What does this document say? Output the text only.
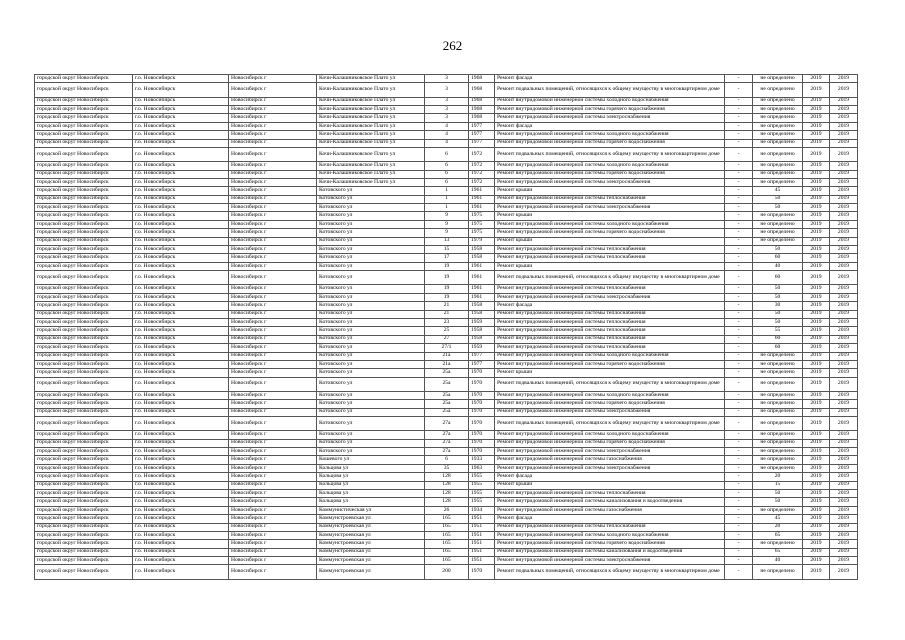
262
городской округ Новосибирск	г.о. Новосибирск	Новосибирск г	Кочи-Калашниковское Плато ул	3	1968	Ремонт фасада	-	не определено	2019	2019
городской округ Новосибирск	г.о. Новосибирск	Новосибирск г	Кочи-Калашниковское Плато ул	3	1968	Ремонт подвальных помещений, относящихся к общему имуществу в многоквартирном доме	-	не определено	2019	2019
городской округ Новосибирск	г.о. Новосибирск	Новосибирск г	Кочи-Калашниковское Плато ул	3	1968	Ремонт внутридомовой инженерной системы холодного водоснабжения	-	не определено	2019	2019
городской округ Новосибирск	г.о. Новосибирск	Новосибирск г	Кочи-Калашниковское Плато ул	3	1968	Ремонт внутридомовой инженерной системы горячего водоснабжения	-	не определено	2019	2019
городской округ Новосибирск	г.о. Новосибирск	Новосибирск г	Кочи-Калашниковское Плато ул	3	1968	Ремонт внутридомовой инженерной системы электроснабжения	-	не определено	2019	2019
городской округ Новосибирск	г.о. Новосибирск	Новосибирск г	Кочи-Калашниковское Плато ул	4	1977	Ремонт фасада	-	не определено	2019	2019
городской округ Новосибирск	г.о. Новосибирск	Новосибирск г	Кочи-Калашниковское Плато ул	4	1977	Ремонт внутридомовой инженерной системы холодного водоснабжения	-	не определено	2019	2019
городской округ Новосибирск	г.о. Новосибирск	Новосибирск г	Кочи-Калашниковское Плато ул	4	1977	Ремонт внутридомовой инженерной системы горячего водоснабжения	-	не определено	2019	2019
городской округ Новосибирск	г.о. Новосибирск	Новосибирск г	Кочи-Калашниковское Плато ул	6	1972	Ремонт подвальных помещений, относящихся к общему имуществу в многоквартирном доме	-	не определено	2019	2019
городской округ Новосибирск	г.о. Новосибирск	Новосибирск г	Кочи-Калашниковское Плато ул	6	1972	Ремонт внутридомовой инженерной системы холодного водоснабжения	-	не определено	2019	2019
городской округ Новосибирск	г.о. Новосибирск	Новосибирск г	Кочи-Калашниковское Плато ул	6	1972	Ремонт внутридомовой инженерной системы горячего водоснабжения	-	не определено	2019	2019
городской округ Новосибирск	г.о. Новосибирск	Новосибирск г	Кочи-Калашниковское Плато ул	6	1972	Ремонт внутридомовой инженерной системы электроснабжения	-	не определено	2019	2019
городской округ Новосибирск	г.о. Новосибирск	Новосибирск г	Котовского ул	1	1961	Ремонт крыши	-	45	2019	2019
городской округ Новосибирск	г.о. Новосибирск	Новосибирск г	Котовского ул	1	1961	Ремонт внутридомовой инженерной системы теплоснабжения	-	50	2019	2019
городской округ Новосибирск	г.о. Новосибирск	Новосибирск г	Котовского ул	1	1961	Ремонт внутридомовой инженерной системы электроснабжения	-	50	2019	2019
городской округ Новосибирск	г.о. Новосибирск	Новосибирск г	Котовского ул	9	1975	Ремонт крыши	-	не определено	2019	2019
городской округ Новосибирск	г.о. Новосибирск	Новосибирск г	Котовского ул	9	1975	Ремонт внутридомовой инженерной системы холодного водоснабжения	-	не определено	2019	2019
городской округ Новосибирск	г.о. Новосибирск	Новосибирск г	Котовского ул	9	1975	Ремонт внутридомовой инженерной системы горячего водоснабжения	-	не определено	2019	2019
городской округ Новосибирск	г.о. Новосибирск	Новосибирск г	Котовского ул	13	1979	Ремонт крыши	-	не определено	2019	2019
городской округ Новосибирск	г.о. Новосибирск	Новосибирск г	Котовского ул	15	1958	Ремонт внутридомовой инженерной системы теплоснабжения	-	50	2019	2019
городской округ Новосибирск	г.о. Новосибирск	Новосибирск г	Котовского ул	17	1958	Ремонт внутридомовой инженерной системы теплоснабжения	-	60	2019	2019
городской округ Новосибирск	г.о. Новосибирск	Новосибирск г	Котовского ул	19	1961	Ремонт крыши	-	40	2019	2019
городской округ Новосибирск	г.о. Новосибирск	Новосибирск г	Котовского ул	19	1961	Ремонт подвальных помещений, относящихся к общему имуществу в многоквартирном доме	-	60	2019	2019
городской округ Новосибирск	г.о. Новосибирск	Новосибирск г	Котовского ул	19	1961	Ремонт внутридомовой инженерной системы теплоснабжения	-	50	2019	2019
городской округ Новосибирск	г.о. Новосибирск	Новосибирск г	Котовского ул	19	1961	Ремонт внутридомовой инженерной системы электроснабжения	-	50	2019	2019
городской округ Новосибирск	г.о. Новосибирск	Новосибирск г	Котовского ул	21	1958	Ремонт фасада	-	30	2019	2019
городской округ Новосибирск	г.о. Новосибирск	Новосибирск г	Котовского ул	21	1958	Ремонт внутридомовой инженерной системы теплоснабжения	-	50	2019	2019
городской округ Новосибирск	г.о. Новосибирск	Новосибирск г	Котовского ул	23	1959	Ремонт внутридомовой инженерной системы теплоснабжения	-	50	2019	2019
городской округ Новосибирск	г.о. Новосибирск	Новосибирск г	Котовского ул	25	1958	Ремонт внутридомовой инженерной системы теплоснабжения	-	55	2019	2019
городской округ Новосибирск	г.о. Новосибирск	Новосибирск г	Котовского ул	27	1958	Ремонт внутридомовой инженерной системы теплоснабжения	-	60	2019	2019
городской округ Новосибирск	г.о. Новосибирск	Новосибирск г	Котовского ул	27/1	1959	Ремонт внутридомовой инженерной системы теплоснабжения	-	60	2019	2019
городской округ Новосибирск	г.о. Новосибирск	Новосибирск г	Котовского ул	21а	1977	Ремонт внутридомовой инженерной системы холодного водоснабжения	-	не определено	2019	2019
городской округ Новосибирск	г.о. Новосибирск	Новосибирск г	Котовского ул	21а	1977	Ремонт внутридомовой инженерной системы горячего водоснабжения	-	не определено	2019	2019
городской округ Новосибирск	г.о. Новосибирск	Новосибирск г	Котовского ул	25а	1970	Ремонт крыши	-	не определено	2019	2019
городской округ Новосибирск	г.о. Новосибирск	Новосибирск г	Котовского ул	25а	1970	Ремонт подвальных помещений, относящихся к общему имуществу в многоквартирном доме	-	не определено	2019	2019
городской округ Новосибирск	г.о. Новосибирск	Новосибирск г	Котовского ул	25а	1970	Ремонт внутридомовой инженерной системы холодного водоснабжения	-	не определено	2019	2019
городской округ Новосибирск	г.о. Новосибирск	Новосибирск г	Котовского ул	25а	1970	Ремонт внутридомовой инженерной системы горячего водоснабжения	-	не определено	2019	2019
городской округ Новосибирск	г.о. Новосибирск	Новосибирск г	Котовского ул	25а	1970	Ремонт внутридомовой инженерной системы электроснабжения	-	не определено	2019	2019
городской округ Новосибирск	г.о. Новосибирск	Новосибирск г	Котовского ул	27а	1970	Ремонт подвальных помещений, относящихся к общему имуществу в многоквартирном доме	-	не определено	2019	2019
городской округ Новосибирск	г.о. Новосибирск	Новосибирск г	Котовского ул	27а	1970	Ремонт внутридомовой инженерной системы холодного водоснабжения	-	не определено	2019	2019
городской округ Новосибирск	г.о. Новосибирск	Новосибирск г	Котовского ул	27а	1970	Ремонт внутридомовой инженерной системы горячего водоснабжения	-	не определено	2019	2019
городской округ Новосибирск	г.о. Новосибирск	Новосибирск г	Котовского ул	27а	1970	Ремонт внутридомовой инженерной системы электроснабжения	-	не определено	2019	2019
городской округ Новосибирск	г.о. Новосибирск	Новосибирск г	Кошевого ул	6	1933	Ремонт внутридомовой инженерной системы газоснабжения	-	не определено	2019	2019
городской округ Новосибирск	г.о. Новосибирск	Новосибирск г	Кольцова ул	35	1963	Ремонт внутридомовой инженерной системы электроснабжения	-	не определено	2019	2019
городской округ Новосибирск	г.о. Новосибирск	Новосибирск г	Кольцова ул	128	1955	Ремонт фасада	-	20	2019	2019
городской округ Новосибирск	г.о. Новосибирск	Новосибирск г	Кольцова ул	128	1955	Ремонт крыши	-	15	2019	2019
городской округ Новосибирск	г.о. Новосибирск	Новосибирск г	Кольцова ул	128	1955	Ремонт внутридомовой инженерной системы теплоснабжения	-	50	2019	2019
городской округ Новосибирск	г.о. Новосибирск	Новосибирск г	Кольцова ул	128	1955	Ремонт внутридомовой инженерной системы канализования и водоотведения	-	50	2019	2019
городской округ Новосибирск	г.о. Новосибирск	Новосибирск г	Коммунистическая ул	26	1934	Ремонт внутридомовой инженерной системы газоснабжения	-	не определено	2019	2019
городской округ Новосибирск	г.о. Новосибирск	Новосибирск г	Коммунстроевская ул	165	1951	Ремонт фасада	-	45	2019	2019
городской округ Новосибирск	г.о. Новосибирск	Новосибирск г	Коммунстроевская ул	165	1951	Ремонт внутридомовой инженерной системы теплоснабжения	-	20	2019	2019
городской округ Новосибирск	г.о. Новосибирск	Новосибирск г	Коммунстроевская ул	165	1951	Ремонт внутридомовой инженерной системы холодного водоснабжения	-	65	2019	2019
городской округ Новосибирск	г.о. Новосибирск	Новосибирск г	Коммунстроевская ул	165	1951	Ремонт внутридомовой инженерной системы горячего водоснабжения	-	не определено	2019	2019
городской округ Новосибирск	г.о. Новосибирск	Новосибирск г	Коммунстроевская ул	165	1951	Ремонт внутридомовой инженерной системы канализования и водоотведения	-	65	2019	2019
городской округ Новосибирск	г.о. Новосибирск	Новосибирск г	Коммунстроевская ул	165	1951	Ремонт внутридомовой инженерной системы электроснабжения	-	40	2019	2019
городской округ Новосибирск	г.о. Новосибирск	Новосибирск г	Коммунстроевская ул	200	1970	Ремонт подвальных помещений, относящихся к общему имуществу в многоквартирном доме	-	не определено	2019	2019
